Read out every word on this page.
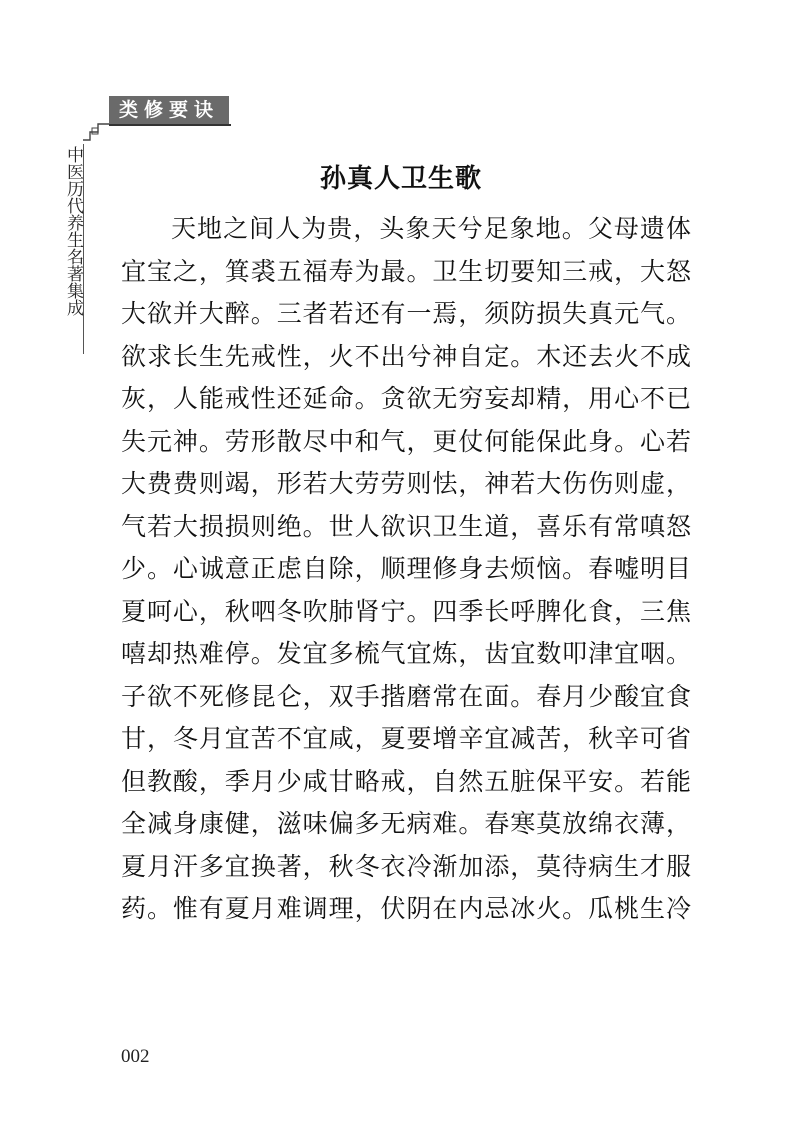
类修要诀
中医历代养生名著集成	孙真人卫生歌
天地之间人为贵，头象天兮足象地。父母遗体
宜宝之，箕裘五福寿为最。卫生切要知三戒，大怒
大欲并大醉。三者若还有一焉，须防损失真元气。
欲求长生先戒性，火不出兮神自定。木还去火不成
灰，人能戒性还延命。贪欲无穷妄却精，用心不已
失元神。劳形散尽中和气，更仗何能保此身。心若
大费费则竭，形若大劳劳则怯，神若大伤伤则虚，
气若大损损则绝。世人欲识卫生道，喜乐有常嗔怒
少。心诚意正虑自除，顺理修身去烦恼。春嘘明目
夏呵心，秋呬冬吹肺肾宁。四季长呼脾化食，三焦
嘻却热难停。发宜多梳气宜炼，齿宜数叩津宜咽。
子欲不死修昆仑，双手揩磨常在面。春月少酸宜食
甘，冬月宜苦不宜咸，夏要增辛宜减苦，秋辛可省
但教酸，季月少咸甘略戒，自然五脏保平安。若能
全减身康健，滋味偏多无病难。春寒莫放绵衣薄，
夏月汗多宜换著，秋冬衣冷渐加添，莫待病生才服
药。惟有夏月难调理，伏阴在内忌冰火。瓜桃生冷
002
